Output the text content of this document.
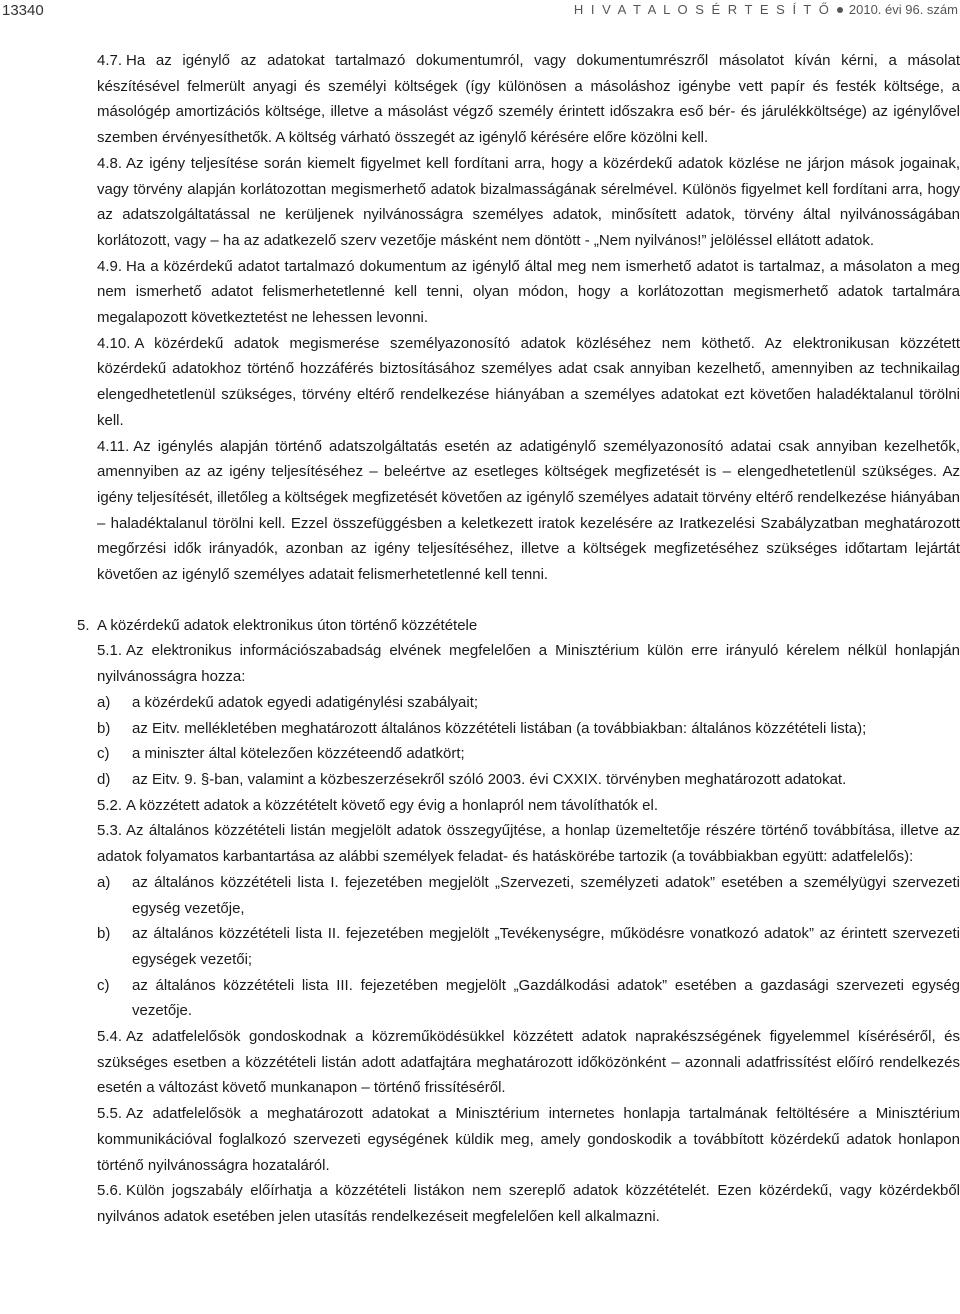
13340	H I V A T A L O S É R T E S Í T Ő 2010. évi 96. szám

4.7. Ha az igénylő az adatokat tartalmazó dokumentumról, vagy dokumentumrészről másolatot kíván kérni, a másolat készítésével felmerült anyagi és személyi költségek (így különösen a másoláshoz igénybe vett papír és festék költsége, a másológép amortizációs költsége, illetve a másolást végző személy érintett időszakra eső bér- és járulékköltsége) az igénylővel szemben érvényesíthetők. A költség várható összegét az igénylő kérésére előre közölni kell.

4.8. Az igény teljesítése során kiemelt figyelmet kell fordítani arra, hogy a közérdekű adatok közlése ne járjon mások jogainak, vagy törvény alapján korlátozottan megismerhető adatok bizalmasságának sérelmével. Különös figyelmet kell fordítani arra, hogy az adatszolgáltatással ne kerüljenek nyilvánosságra személyes adatok, minősített adatok, törvény által nyilvánosságában korlátozott, vagy – ha az adatkezelő szerv vezetője másként nem döntött - „Nem nyilvános!” jelöléssel ellátott adatok.

4.9. Ha a közérdekű adatot tartalmazó dokumentum az igénylő által meg nem ismerhető adatot is tartalmaz, a másolaton a meg nem ismerhető adatot felismerhetetlenné kell tenni, olyan módon, hogy a korlátozottan megismerhető adatok tartalmára megalapozott következtetést ne lehessen levonni.

4.10. A közérdekű adatok megismerése személyazonosító adatok közléséhez nem köthető. Az elektronikusan közzétett közérdekű adatokhoz történő hozzáférés biztosításához személyes adat csak annyiban kezelhető, amennyiben az technikailag elengedhetetlenül szükséges, törvény eltérő rendelkezése hiányában a személyes adatokat ezt követően haladéktalanul törölni kell.

4.11. Az igénylés alapján történő adatszolgáltatás esetén az adatigénylő személyazonosító adatai csak annyiban kezelhetők, amennyiben az az igény teljesítéséhez – beleértve az esetleges költségek megfizetését is – elengedhetetlenül szükséges. Az igény teljesítését, illetőleg a költségek megfizetését követően az igénylő személyes adatait törvény eltérő rendelkezése hiányában – haladéktalanul törölni kell. Ezzel összefüggésben a keletkezett iratok kezelésére az Iratkezelési Szabályzatban meghatározott megőrzési idők irányadók, azonban az igény teljesítéséhez, illetve a költségek megfizetéséhez szükséges időtartam lejártát követően az igénylő személyes adatait felismerhetetlenné kell tenni.

5. A közérdekű adatok elektronikus úton történő közzététele

5.1. Az elektronikus információszabadság elvének megfelelően a Minisztérium külön erre irányuló kérelem nélkül honlapján nyilvánosságra hozza:

a) a közérdekű adatok egyedi adatigénylési szabályait;

b) az Eitv. mellékletében meghatározott általános közzétételi listában (a továbbiakban: általános közzétételi lista);

c) a miniszter által kötelezően közzéteendő adatkört;

d) az Eitv. 9. §-ban, valamint a közbeszerzésekről szóló 2003. évi CXXIX. törvényben meghatározott adatokat.

5.2. A közzétett adatok a közzétételt követő egy évig a honlapról nem távolíthatók el.

5.3. Az általános közzétételi listán megjelölt adatok összegyűjtése, a honlap üzemeltetője részére történő továbbítása, illetve az adatok folyamatos karbantartása az alábbi személyek feladat- és hatáskörébe tartozik (a továbbiakban együtt: adatfelelős):

a) az általános közzétételi lista I. fejezetében megjelölt „Szervezeti, személyzeti adatok” esetében a személyügyi szervezeti egység vezetője,

b) az általános közzétételi lista II. fejezetében megjelölt „Tevékenységre, működésre vonatkozó adatok” az érintett szervezeti egységek vezetői;

c) az általános közzétételi lista III. fejezetében megjelölt „Gazdálkodási adatok” esetében a gazdasági szervezeti egység vezetője.

5.4. Az adatfelelősök gondoskodnak a közreműködésükkel közzétett adatok naprakészségének figyelemmel kíséréséről, és szükséges esetben a közzétételi listán adott adatfajtára meghatározott időközönként – azonnali adatfrissítést előíró rendelkezés esetén a változást követő munkanapon – történő frissítéséről.

5.5. Az adatfelelősök a meghatározott adatokat a Minisztérium internetes honlapja tartalmának feltöltésére a Minisztérium kommunikációval foglalkozó szervezeti egységének küldik meg, amely gondoskodik a továbbított közérdekű adatok honlapon történő nyilvánosságra hozataláról.

5.6. Külön jogszabály előírhatja a közzétételi listákon nem szereplő adatok közzétételét. Ezen közérdekű, vagy közérdekből nyilvános adatok esetében jelen utasítás rendelkezéseit megfelelően kell alkalmazni.
